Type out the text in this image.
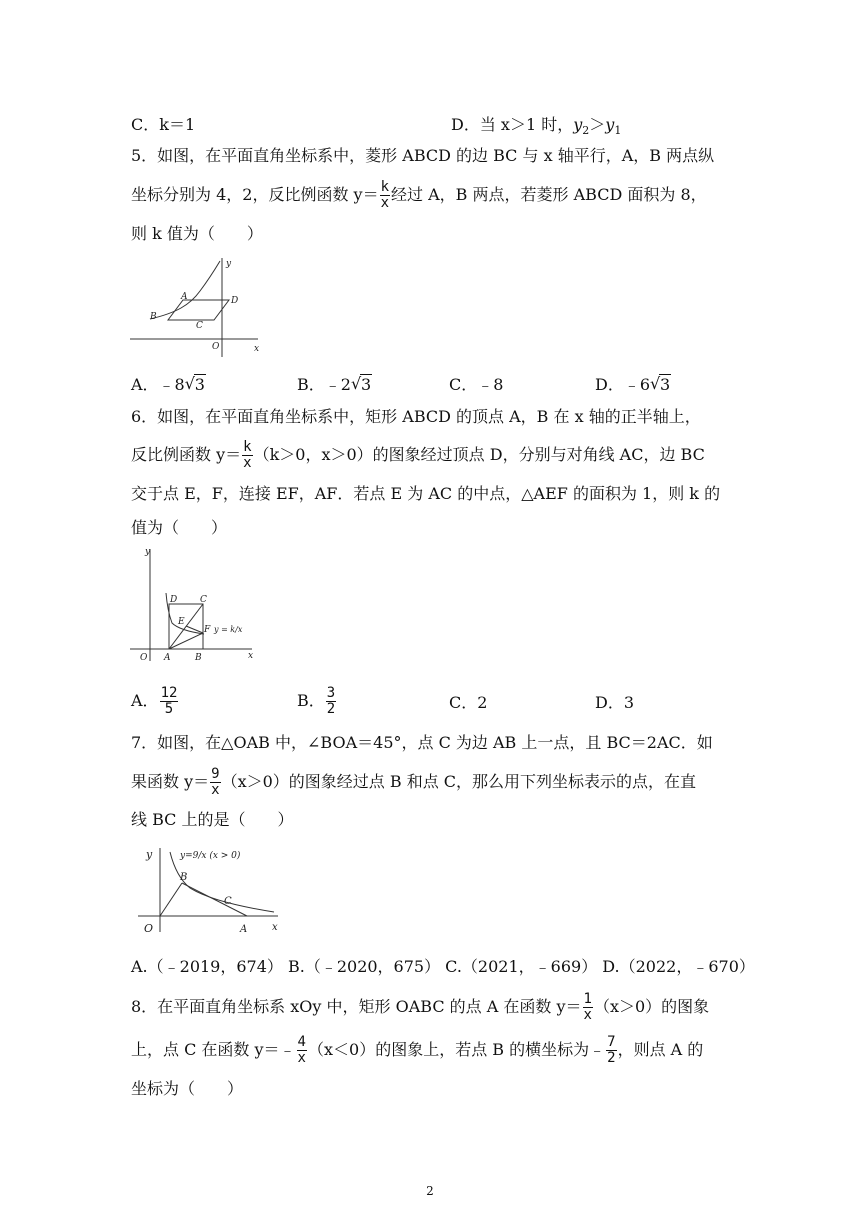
C．k＝1	D．当 x＞1 时，$y_2>y_1$
5．如图，在平面直角坐标系中，菱形 ABCD 的边 BC 与 x 轴平行，A，B 两点纵
坐标分别为 4，2，反比例函数 $y= \frac{k}{x}$ 经过 A，B 两点，若菱形 ABCD 面积为 8，
则 k 值为（　　）
y
A	D
B
C
O	x
A．﹣8 √ 3	B．﹣2 √ 3	C．﹣8	D．﹣6 √ 3
6．如图，在平面直角坐标系中，矩形 ABCD 的顶点 A，B 在 x 轴的正半轴上，
反比例函数 $y= \frac{k}{x} (k>0$，x＞0）的图象经过顶点 D，分别与对角线 AC，边 BC
交于点 E，F，连接 EF，AF．若点 E 为 AC 的中点，△AEF 的面积为 1，则 k 的
值为（　　）
y
D	C
E
F y = k/x
O A	B	x
A． $\frac{12}{5}$	B． $\frac{3}{2}$	C．2	D．3
7．如图，在△OAB 中，∠BOA＝45°，点 C 为边 AB 上一点，且 BC＝2AC．如
果函数 $y= \frac{9}{x} (x>0)$的图象经过点 B 和点 C，那么用下列坐标表示的点，在直
线 BC 上的是（　　）
y	y=9/x (x > 0)
B
C
O	A x
A.（﹣2019，674） B.（﹣2020，675） C.（2021，﹣669） D.（2022，﹣670）
8．在平面直角坐标系 xOy 中，矩形 OABC 的点 A 在函数 $y= \frac{1}{x} (x>0)$的图象
上，点 C 在函数 y＝﹣ $\frac{4}{x} (x<0)$的图象上，若点 B 的横坐标为﹣ $\frac{7}{2}$ ，则点 A 的
坐标为（　　）
2
